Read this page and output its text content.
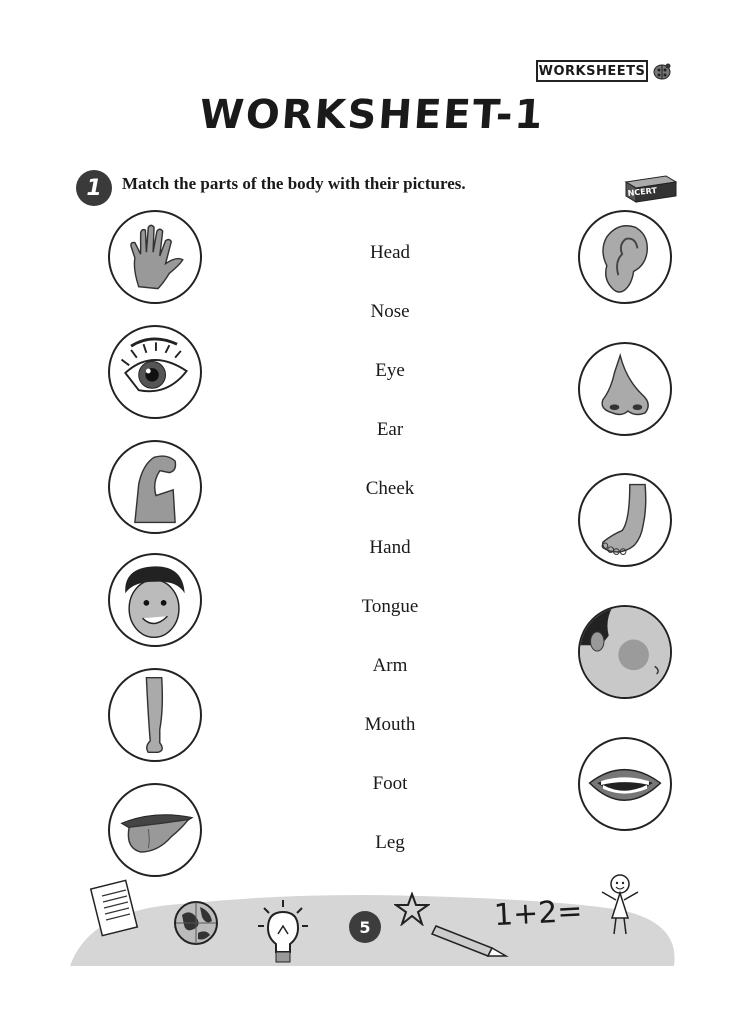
WORKSHEETS
WORKSHEET-1
1	Match the parts of the body with their pictures.	NCERT
Head
Nose
Eye
Ear
Cheek
Hand
Tongue
Arm
Mouth
Foot
Leg
5	1+2=
